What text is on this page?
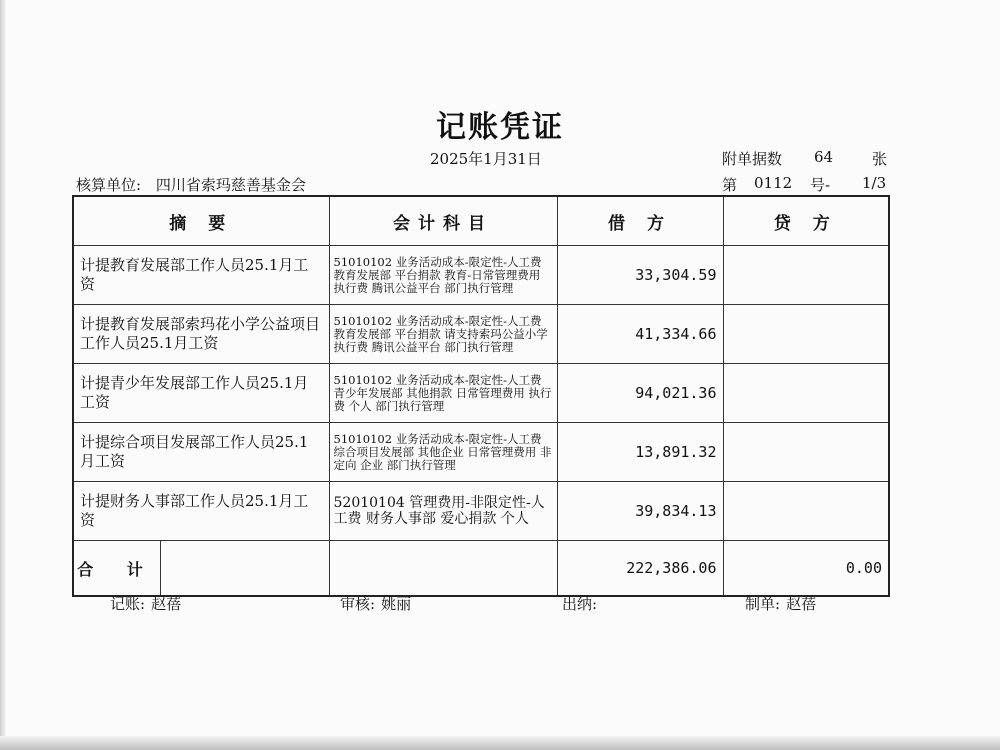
记账凭证
2025年1月31日	附单据数 64	张
核算单位: 四川省索玛慈善基金会	第 0112 号- 1/3
摘 要	会计科目	借 方	贷 方
计提教育发展部工作人员25.1月工资	51010102 业务活动成本-限定性-人工费 教育发展部 平台捐款 教育-日常管理费用 执行费 腾讯公益平台 部门执行管理	33,304.59	
计提教育发展部索玛花小学公益项目工作人员25.1月工资	51010102 业务活动成本-限定性-人工费 教育发展部 平台捐款 请支持索玛公益小学 执行费 腾讯公益平台 部门执行管理	41,334.66	
计提青少年发展部工作人员25.1月工资	51010102 业务活动成本-限定性-人工费 青少年发展部 其他捐款 日常管理费用 执行费 个人 部门执行管理	94,021.36	
计提综合项目发展部工作人员25.1月工资	51010102 业务活动成本-限定性-人工费 综合项目发展部 其他企业 日常管理费用 非定向 企业 部门执行管理	13,891.32	
计提财务人事部工作人员25.1月工资	52010104 管理费用-非限定性-人工费 财务人事部 爱心捐款 个人	39,834.13	

合 计		222,386.06	0.00
记账: 赵蓓	审核: 姚丽	出纳:	制单: 赵蓓
